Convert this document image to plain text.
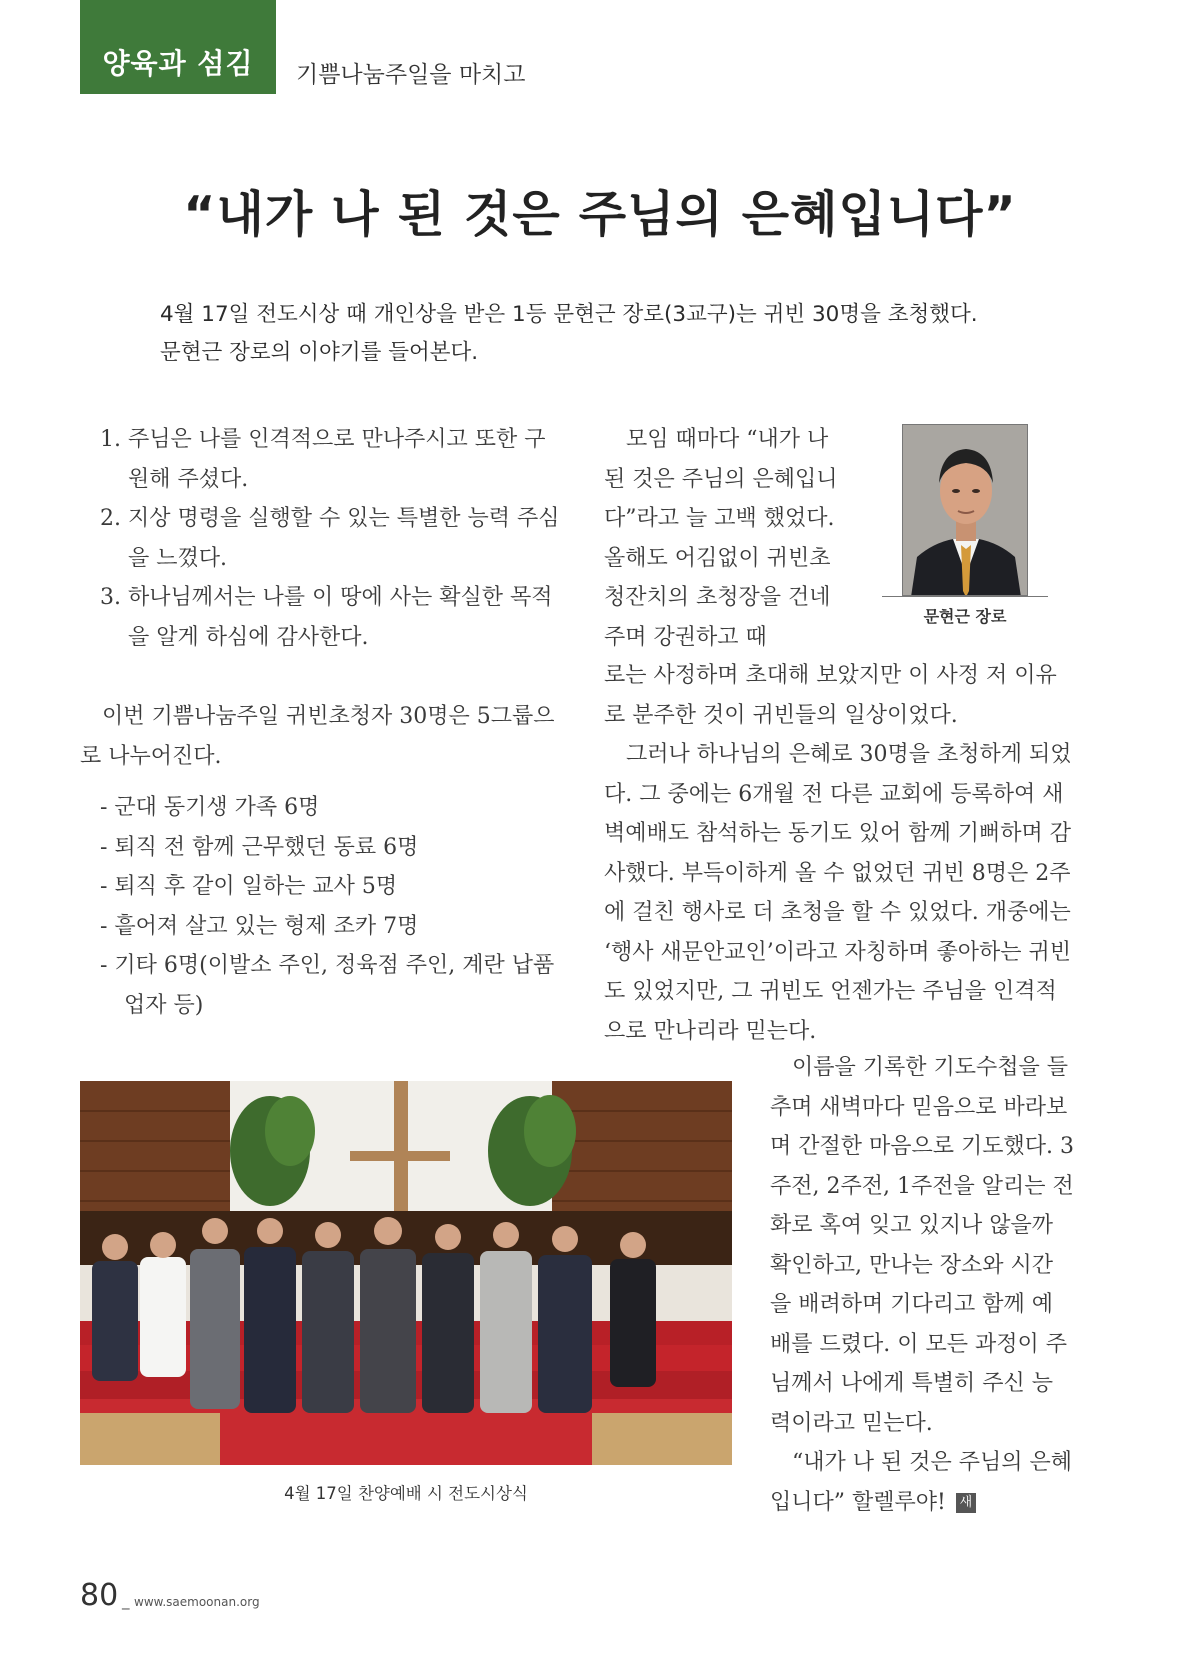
양육과 섬김 기쁨나눔주일을 마치고
“내가 나 된 것은 주님의 은혜입니다”

4월 17일 전도시상 때 개인상을 받은 1등 문현근 장로(3교구)는 귀빈 30명을 초청했다.

문현근 장로의 이야기를 들어본다.

1. 주님은 나를 인격적으로 만나주시고 또한 구원해 주셨다.
2. 지상 명령을 실행할 수 있는 특별한 능력 주심을 느꼈다.
3. 하나님께서는 나를 이 땅에 사는 확실한 목적을 알게 하심에 감사한다.

이번 기쁨나눔주일 귀빈초청자 30명은 5그룹으로 나누어진다.

- 군대 동기생 가족 6명
- 퇴직 전 함께 근무했던 동료 6명
- 퇴직 후 같이 일하는 교사 5명
- 흩어져 살고 있는 형제 조카 7명
- 기타 6명(이발소 주인, 정육점 주인, 계란 납품업자 등)

모임 때마다 “내가 나 된 것은 주님의 은혜입니다”라고 늘 고백 했었다. 올해도 어김없이 귀빈초청잔치의 초청장을 건네주며 강권하고 때

로는 사정하며 초대해 보았지만 이 사정 저 이유로 분주한 것이 귀빈들의 일상이었다.

그러나 하나님의 은혜로 30명을 초청하게 되었다. 그 중에는 6개월 전 다른 교회에 등록하여 새벽예배도 참석하는 동기도 있어 함께 기뻐하며 감사했다. 부득이하게 올 수 없었던 귀빈 8명은 2주에 걸친 행사로 더 초청을 할 수 있었다. 개중에는 ‘행사 새문안교인’이라고 자칭하며 좋아하는 귀빈도 있었지만, 그 귀빈도 언젠가는 주님을 인격적으로 만나리라 믿는다.

이름을 기록한 기도수첩을 들추며 새벽마다 믿음으로 바라보며 간절한 마음으로 기도했다. 3주전, 2주전, 1주전을 알리는 전화로 혹여 잊고 있지나 않을까 확인하고, 만나는 장소와 시간을 배려하며 기다리고 함께 예배를 드렸다. 이 모든 과정이 주님께서 나에게 특별히 주신 능력이라고 믿는다.

“내가 나 된 것은 주님의 은혜입니다” 할렐루야! 새

문현근 장로
4월 17일 찬양예배 시 전도시상식
80 _ www.saemoonan.org
